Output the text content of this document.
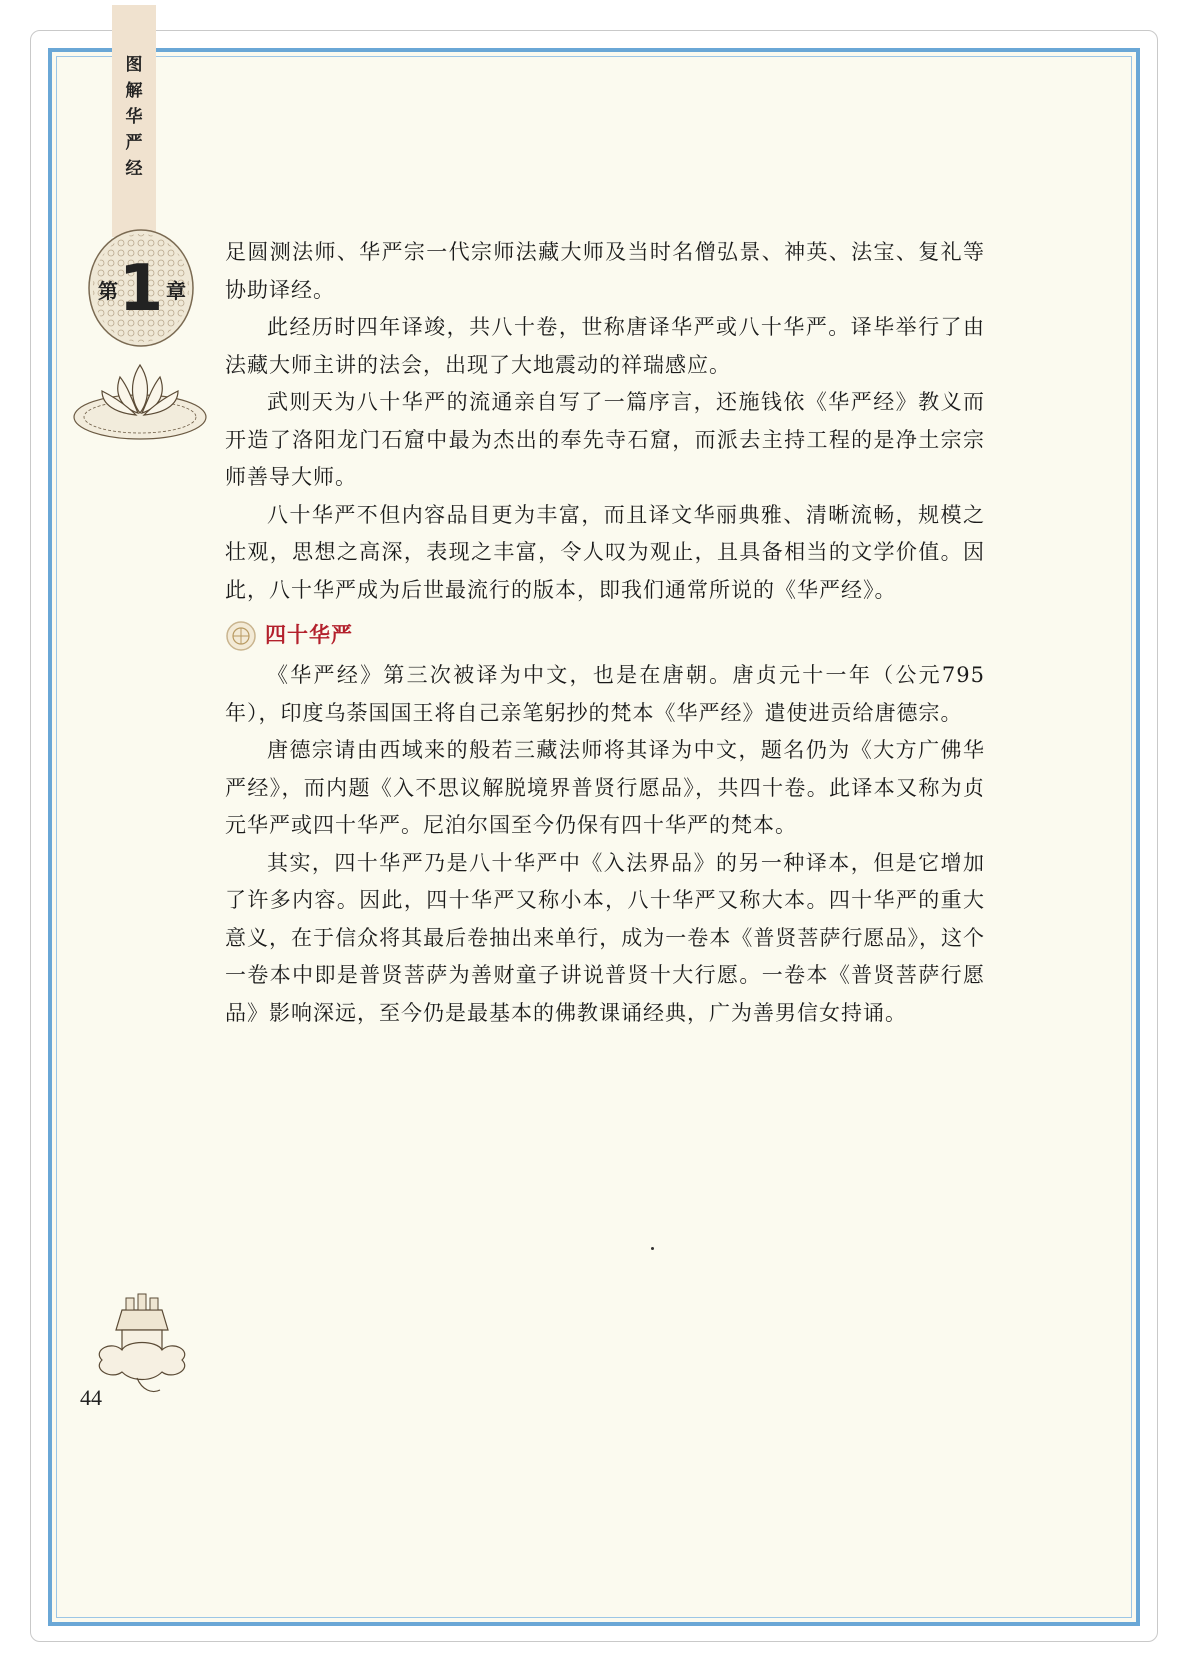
图
解
华
严
经
1
第 章

足圆测法师、华严宗一代宗师法藏大师及当时名僧弘景、神英、法宝、复礼等协助译经。

此经历时四年译竣，共八十卷，世称唐译华严或八十华严。译毕举行了由法藏大师主讲的法会，出现了大地震动的祥瑞感应。

武则天为八十华严的流通亲自写了一篇序言，还施钱依《华严经》教义而开造了洛阳龙门石窟中最为杰出的奉先寺石窟，而派去主持工程的是净土宗宗师善导大师。

八十华严不但内容品目更为丰富，而且译文华丽典雅、清晰流畅，规模之壮观，思想之高深，表现之丰富，令人叹为观止，且具备相当的文学价值。因此，八十华严成为后世最流行的版本，即我们通常所说的《华严经》。

四十华严

《华严经》第三次被译为中文，也是在唐朝。唐贞元十一年（公元795年），印度乌荼国国王将自己亲笔躬抄的梵本《华严经》遣使进贡给唐德宗。

唐德宗请由西域来的般若三藏法师将其译为中文，题名仍为《大方广佛华严经》，而内题《入不思议解脱境界普贤行愿品》，共四十卷。此译本又称为贞元华严或四十华严。尼泊尔国至今仍保有四十华严的梵本。

其实，四十华严乃是八十华严中《入法界品》的另一种译本，但是它增加了许多内容。因此，四十华严又称小本，八十华严又称大本。四十华严的重大意义，在于信众将其最后卷抽出来单行，成为一卷本《普贤菩萨行愿品》，这个一卷本中即是普贤菩萨为善财童子讲说普贤十大行愿。一卷本《普贤菩萨行愿品》影响深远，至今仍是最基本的佛教课诵经典，广为善男信女持诵。

44
